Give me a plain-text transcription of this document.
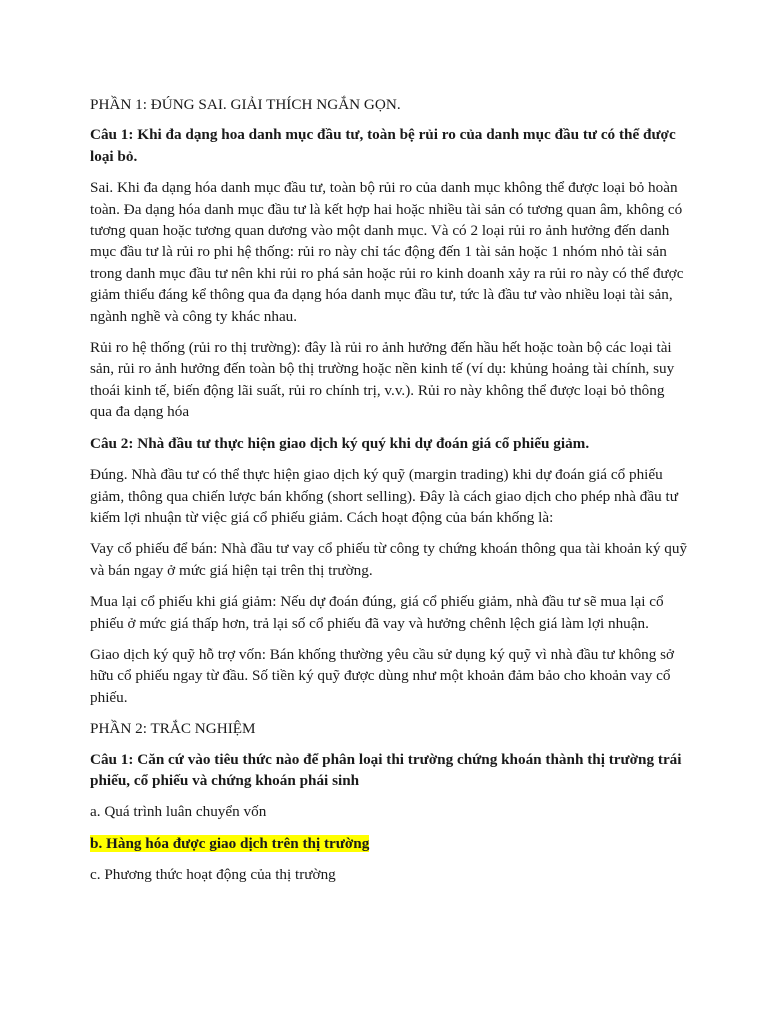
PHẦN 1: ĐÚNG SAI. GIẢI THÍCH NGẮN GỌN.
Câu 1: Khi đa dạng hoa danh mục đầu tư, toàn bệ rủi ro của danh mục đầu tư có thể được loại bỏ.
Sai. Khi đa dạng hóa danh mục đầu tư, toàn bộ rủi ro của danh mục không thể được loại bỏ hoàn toàn. Đa dạng hóa danh mục đầu tư là kết hợp hai hoặc nhiều tài sản có tương quan âm, không có tương quan hoặc tương quan dương vào một danh mục. Và có 2 loại rủi ro ảnh hưởng đến danh mục đầu tư là rủi ro phi hệ thống: rủi ro này chỉ tác động đến 1 tài sản hoặc 1 nhóm nhỏ tài sản trong danh mục đầu tư nên khi rủi ro phá sản hoặc rủi ro kinh doanh xảy ra rủi ro này có thể được giảm thiểu đáng kể thông qua đa dạng hóa danh mục đầu tư, tức là đầu tư vào nhiều loại tài sản, ngành nghề và công ty khác nhau.
Rủi ro hệ thống (rủi ro thị trường): đây là rủi ro ảnh hưởng đến hầu hết hoặc toàn bộ các loại tài sản, rủi ro ảnh hưởng đến toàn bộ thị trường hoặc nền kinh tế (ví dụ: khủng hoảng tài chính, suy thoái kinh tế, biến động lãi suất, rủi ro chính trị, v.v.). Rủi ro này không thể được loại bỏ thông qua đa dạng hóa
Câu 2: Nhà đầu tư thực hiện giao dịch ký quý khi dự đoán giá cổ phiếu giảm.
Đúng. Nhà đầu tư có thể thực hiện giao dịch ký quỹ (margin trading) khi dự đoán giá cổ phiếu giảm, thông qua chiến lược bán khống (short selling). Đây là cách giao dịch cho phép nhà đầu tư kiếm lợi nhuận từ việc giá cổ phiếu giảm. Cách hoạt động của bán khống là:
Vay cổ phiếu để bán: Nhà đầu tư vay cổ phiếu từ công ty chứng khoán thông qua tài khoản ký quỹ và bán ngay ở mức giá hiện tại trên thị trường.
Mua lại cổ phiếu khi giá giảm: Nếu dự đoán đúng, giá cổ phiếu giảm, nhà đầu tư sẽ mua lại cổ phiếu ở mức giá thấp hơn, trả lại số cổ phiếu đã vay và hưởng chênh lệch giá làm lợi nhuận.
Giao dịch ký quỹ hỗ trợ vốn: Bán khống thường yêu cầu sử dụng ký quỹ vì nhà đầu tư không sở hữu cổ phiếu ngay từ đầu. Số tiền ký quỹ được dùng như một khoản đảm bảo cho khoản vay cổ phiếu.
PHẦN 2: TRẮC NGHIỆM
Câu 1: Căn cứ vào tiêu thức nào để phân loại thi trường chứng khoán thành thị trường trái phiếu, cổ phiếu và chứng khoán phái sinh
a. Quá trình luân chuyển vốn
b. Hàng hóa được giao dịch trên thị trường
c. Phương thức hoạt động của thị trường
